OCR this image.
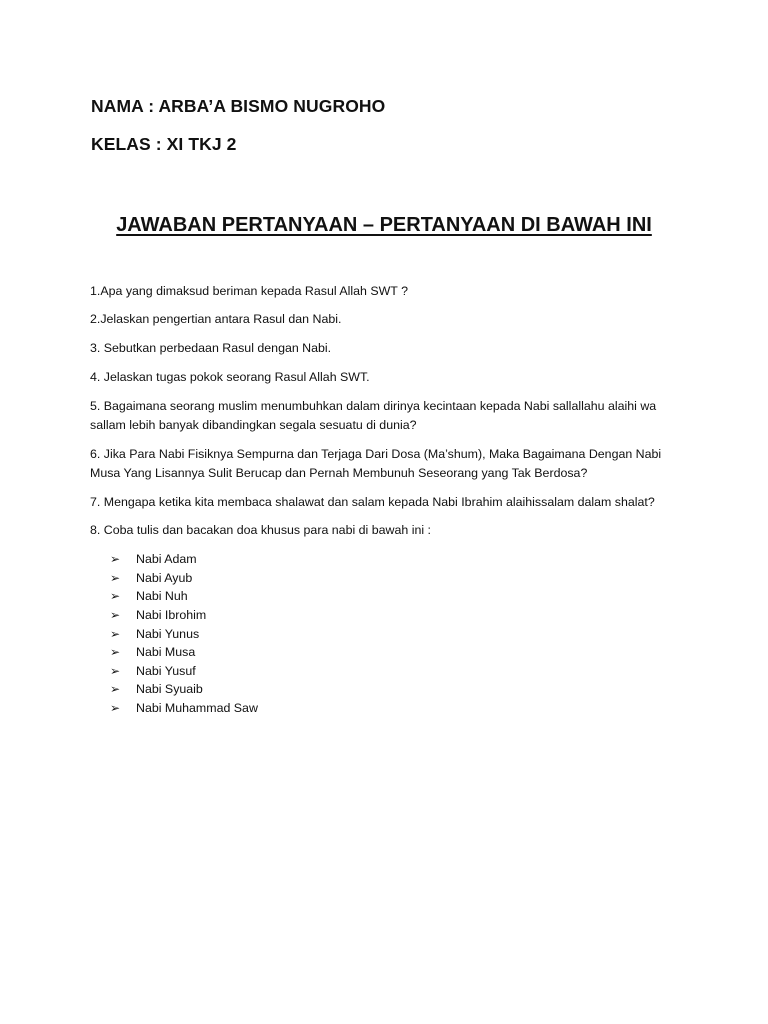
NAMA : ARBA’A BISMO NUGROHO
KELAS : XI TKJ 2
JAWABAN PERTANYAAN – PERTANYAAN DI BAWAH INI
1.Apa yang dimaksud beriman kepada Rasul Allah SWT ?
2.Jelaskan pengertian antara Rasul dan Nabi.
3. Sebutkan perbedaan Rasul dengan Nabi.
4. Jelaskan tugas pokok seorang Rasul Allah SWT.
5. Bagaimana seorang muslim menumbuhkan dalam dirinya kecintaan kepada Nabi sallallahu alaihi wa
sallam lebih banyak dibandingkan segala sesuatu di dunia?
6. Jika Para Nabi Fisiknya Sempurna dan Terjaga Dari Dosa (Ma’shum), Maka Bagaimana Dengan Nabi
Musa Yang Lisannya Sulit Berucap dan Pernah Membunuh Seseorang yang Tak Berdosa?
7. Mengapa ketika kita membaca shalawat dan salam kepada Nabi Ibrahim alaihissalam dalam shalat?
8. Coba tulis dan bacakan doa khusus para nabi di bawah ini :
➢	Nabi Adam
➢	Nabi Ayub
➢	Nabi Nuh
➢	Nabi Ibrohim
➢	Nabi Yunus
➢	Nabi Musa
➢	Nabi Yusuf
➢	Nabi Syuaib
➢	Nabi Muhammad Saw
